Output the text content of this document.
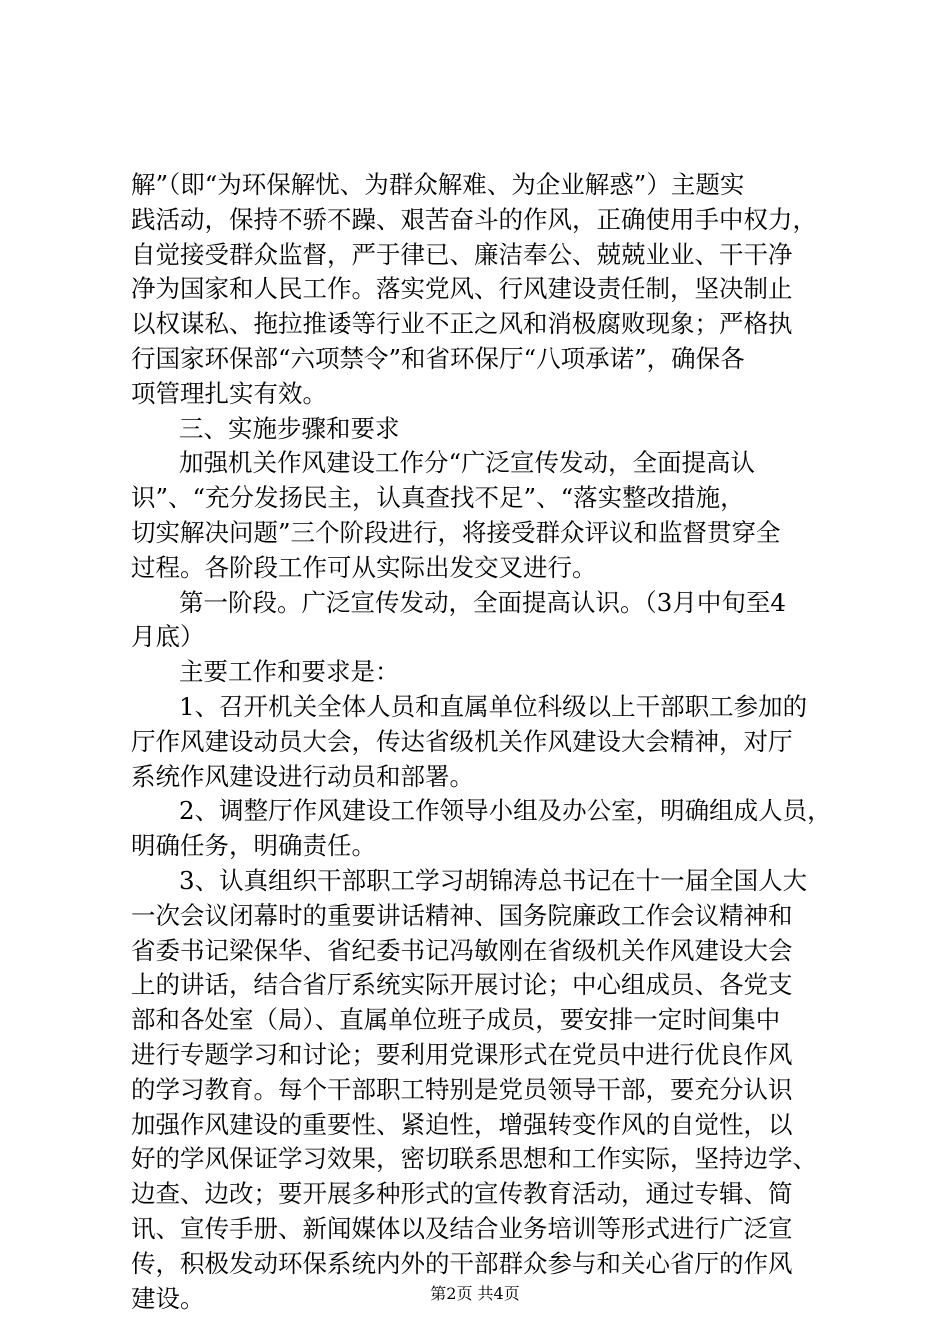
解”（即“为环保解忧、为群众解难、为企业解惑”）主题实
践活动，保持不骄不躁、艰苦奋斗的作风，正确使用手中权力，
自觉接受群众监督，严于律已、廉洁奉公、兢兢业业、干干净
净为国家和人民工作。落实党风、行风建设责任制，坚决制止
以权谋私、拖拉推诿等行业不正之风和消极腐败现象；严格执
行国家环保部“六项禁令”和省环保厅“八项承诺”，确保各
项管理扎实有效。
三、实施步骤和要求
加强机关作风建设工作分“广泛宣传发动，全面提高认
识”、“充分发扬民主，认真查找不足”、“落实整改措施，
切实解决问题”三个阶段进行，将接受群众评议和监督贯穿全
过程。各阶段工作可从实际出发交叉进行。
第一阶段。广泛宣传发动，全面提高认识。（3月中旬至4
月底）
主要工作和要求是：
1、召开机关全体人员和直属单位科级以上干部职工参加的
厅作风建设动员大会，传达省级机关作风建设大会精神，对厅
系统作风建设进行动员和部署。
2、调整厅作风建设工作领导小组及办公室，明确组成人员，
明确任务，明确责任。
3、认真组织干部职工学习胡锦涛总书记在十一届全国人大
一次会议闭幕时的重要讲话精神、国务院廉政工作会议精神和
省委书记梁保华、省纪委书记冯敏刚在省级机关作风建设大会
上的讲话，结合省厅系统实际开展讨论；中心组成员、各党支
部和各处室（局）、直属单位班子成员，要安排一定时间集中
进行专题学习和讨论；要利用党课形式在党员中进行优良作风
的学习教育。每个干部职工特别是党员领导干部，要充分认识
加强作风建设的重要性、紧迫性，增强转变作风的自觉性，以
好的学风保证学习效果，密切联系思想和工作实际，坚持边学、
边查、边改；要开展多种形式的宣传教育活动，通过专辑、简
讯、宣传手册、新闻媒体以及结合业务培训等形式进行广泛宣
传，积极发动环保系统内外的干部群众参与和关心省厅的作风
建设。	第2页 共4页
